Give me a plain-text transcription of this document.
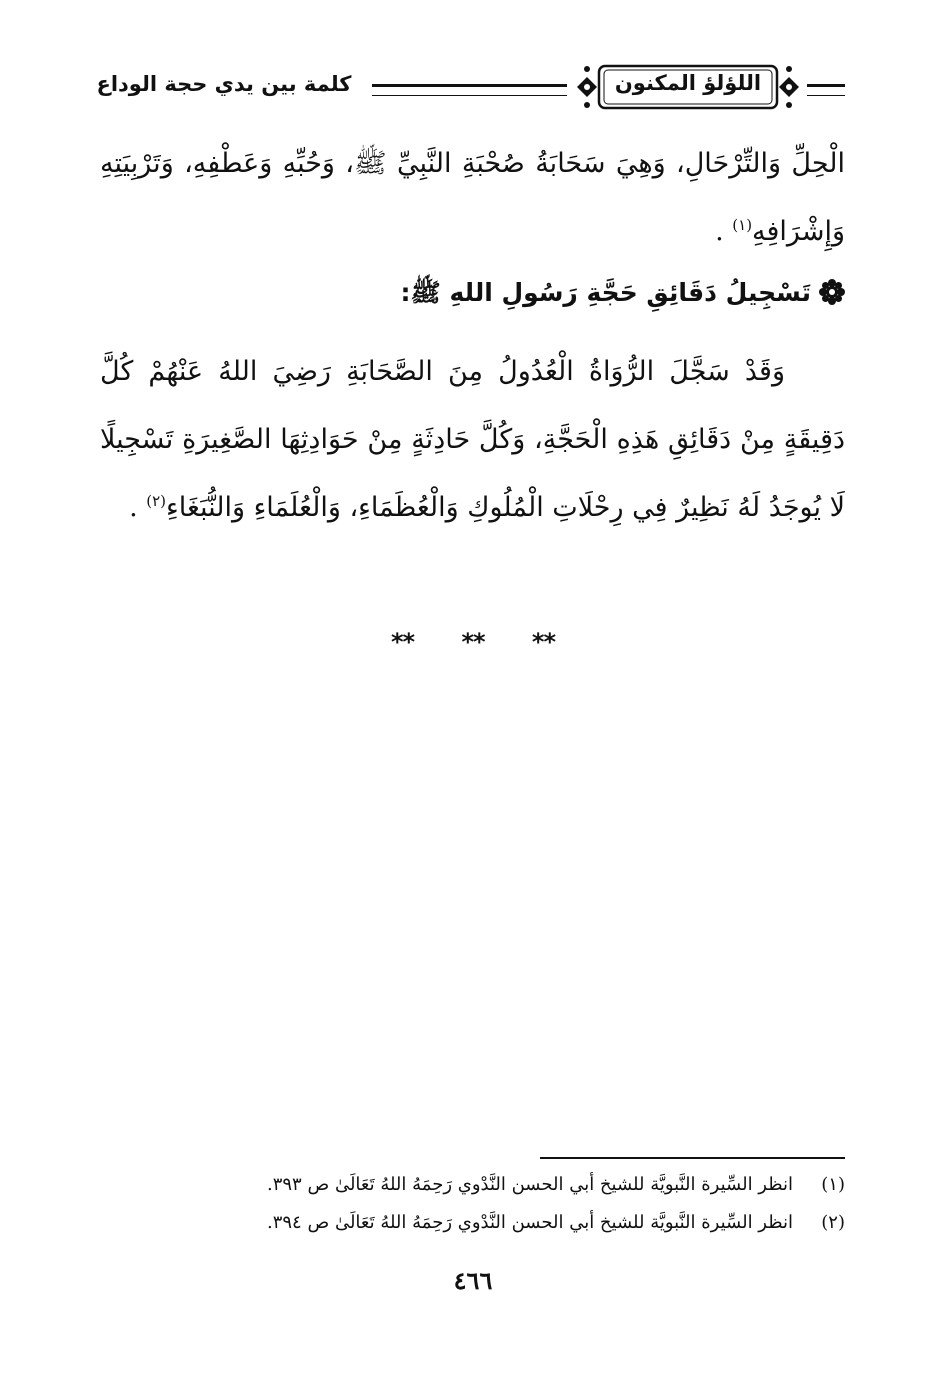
اللؤلؤ المكنون
كلمة بين يدي حجة الوداع
الْحِلِّ وَالتِّرْحَالِ، وَهِيَ سَحَابَةُ صُحْبَةِ النَّبِيِّ ﷺ، وَحُبِّهِ وَعَطْفِهِ، وَتَرْبِيَتِهِ وَإِشْرَافِهِ$^{(١)}$ .
تَسْجِيلُ دَقَائِقِ حَجَّةِ رَسُولِ اللهِ ﷺ:
وَقَدْ سَجَّلَ الرُّوَاةُ الْعُدُولُ مِنَ الصَّحَابَةِ رَضِيَ اللهُ عَنْهُمْ كُلَّ دَقِيقَةٍ مِنْ دَقَائِقِ هَذِهِ الْحَجَّةِ، وَكُلَّ حَادِثَةٍ مِنْ حَوَادِثِهَا الصَّغِيرَةِ تَسْجِيلًا لَا يُوجَدُ لَهُ نَظِيرٌ فِي رِحْلَاتِ الْمُلُوكِ وَالْعُظَمَاءِ، وَالْعُلَمَاءِ وَالنُّبَغَاءِ$^{(٢)}$ .
** ** **
(١)انظر السِّيرة النَّبويَّة للشيخ أبي الحسن النَّدْوي رَحِمَهُ اللهُ تَعَالَىٰ ص ٣٩٣.
(٢)انظر السِّيرة النَّبويَّة للشيخ أبي الحسن النَّدْوي رَحِمَهُ اللهُ تَعَالَىٰ ص ٣٩٤.
٤٦٦
